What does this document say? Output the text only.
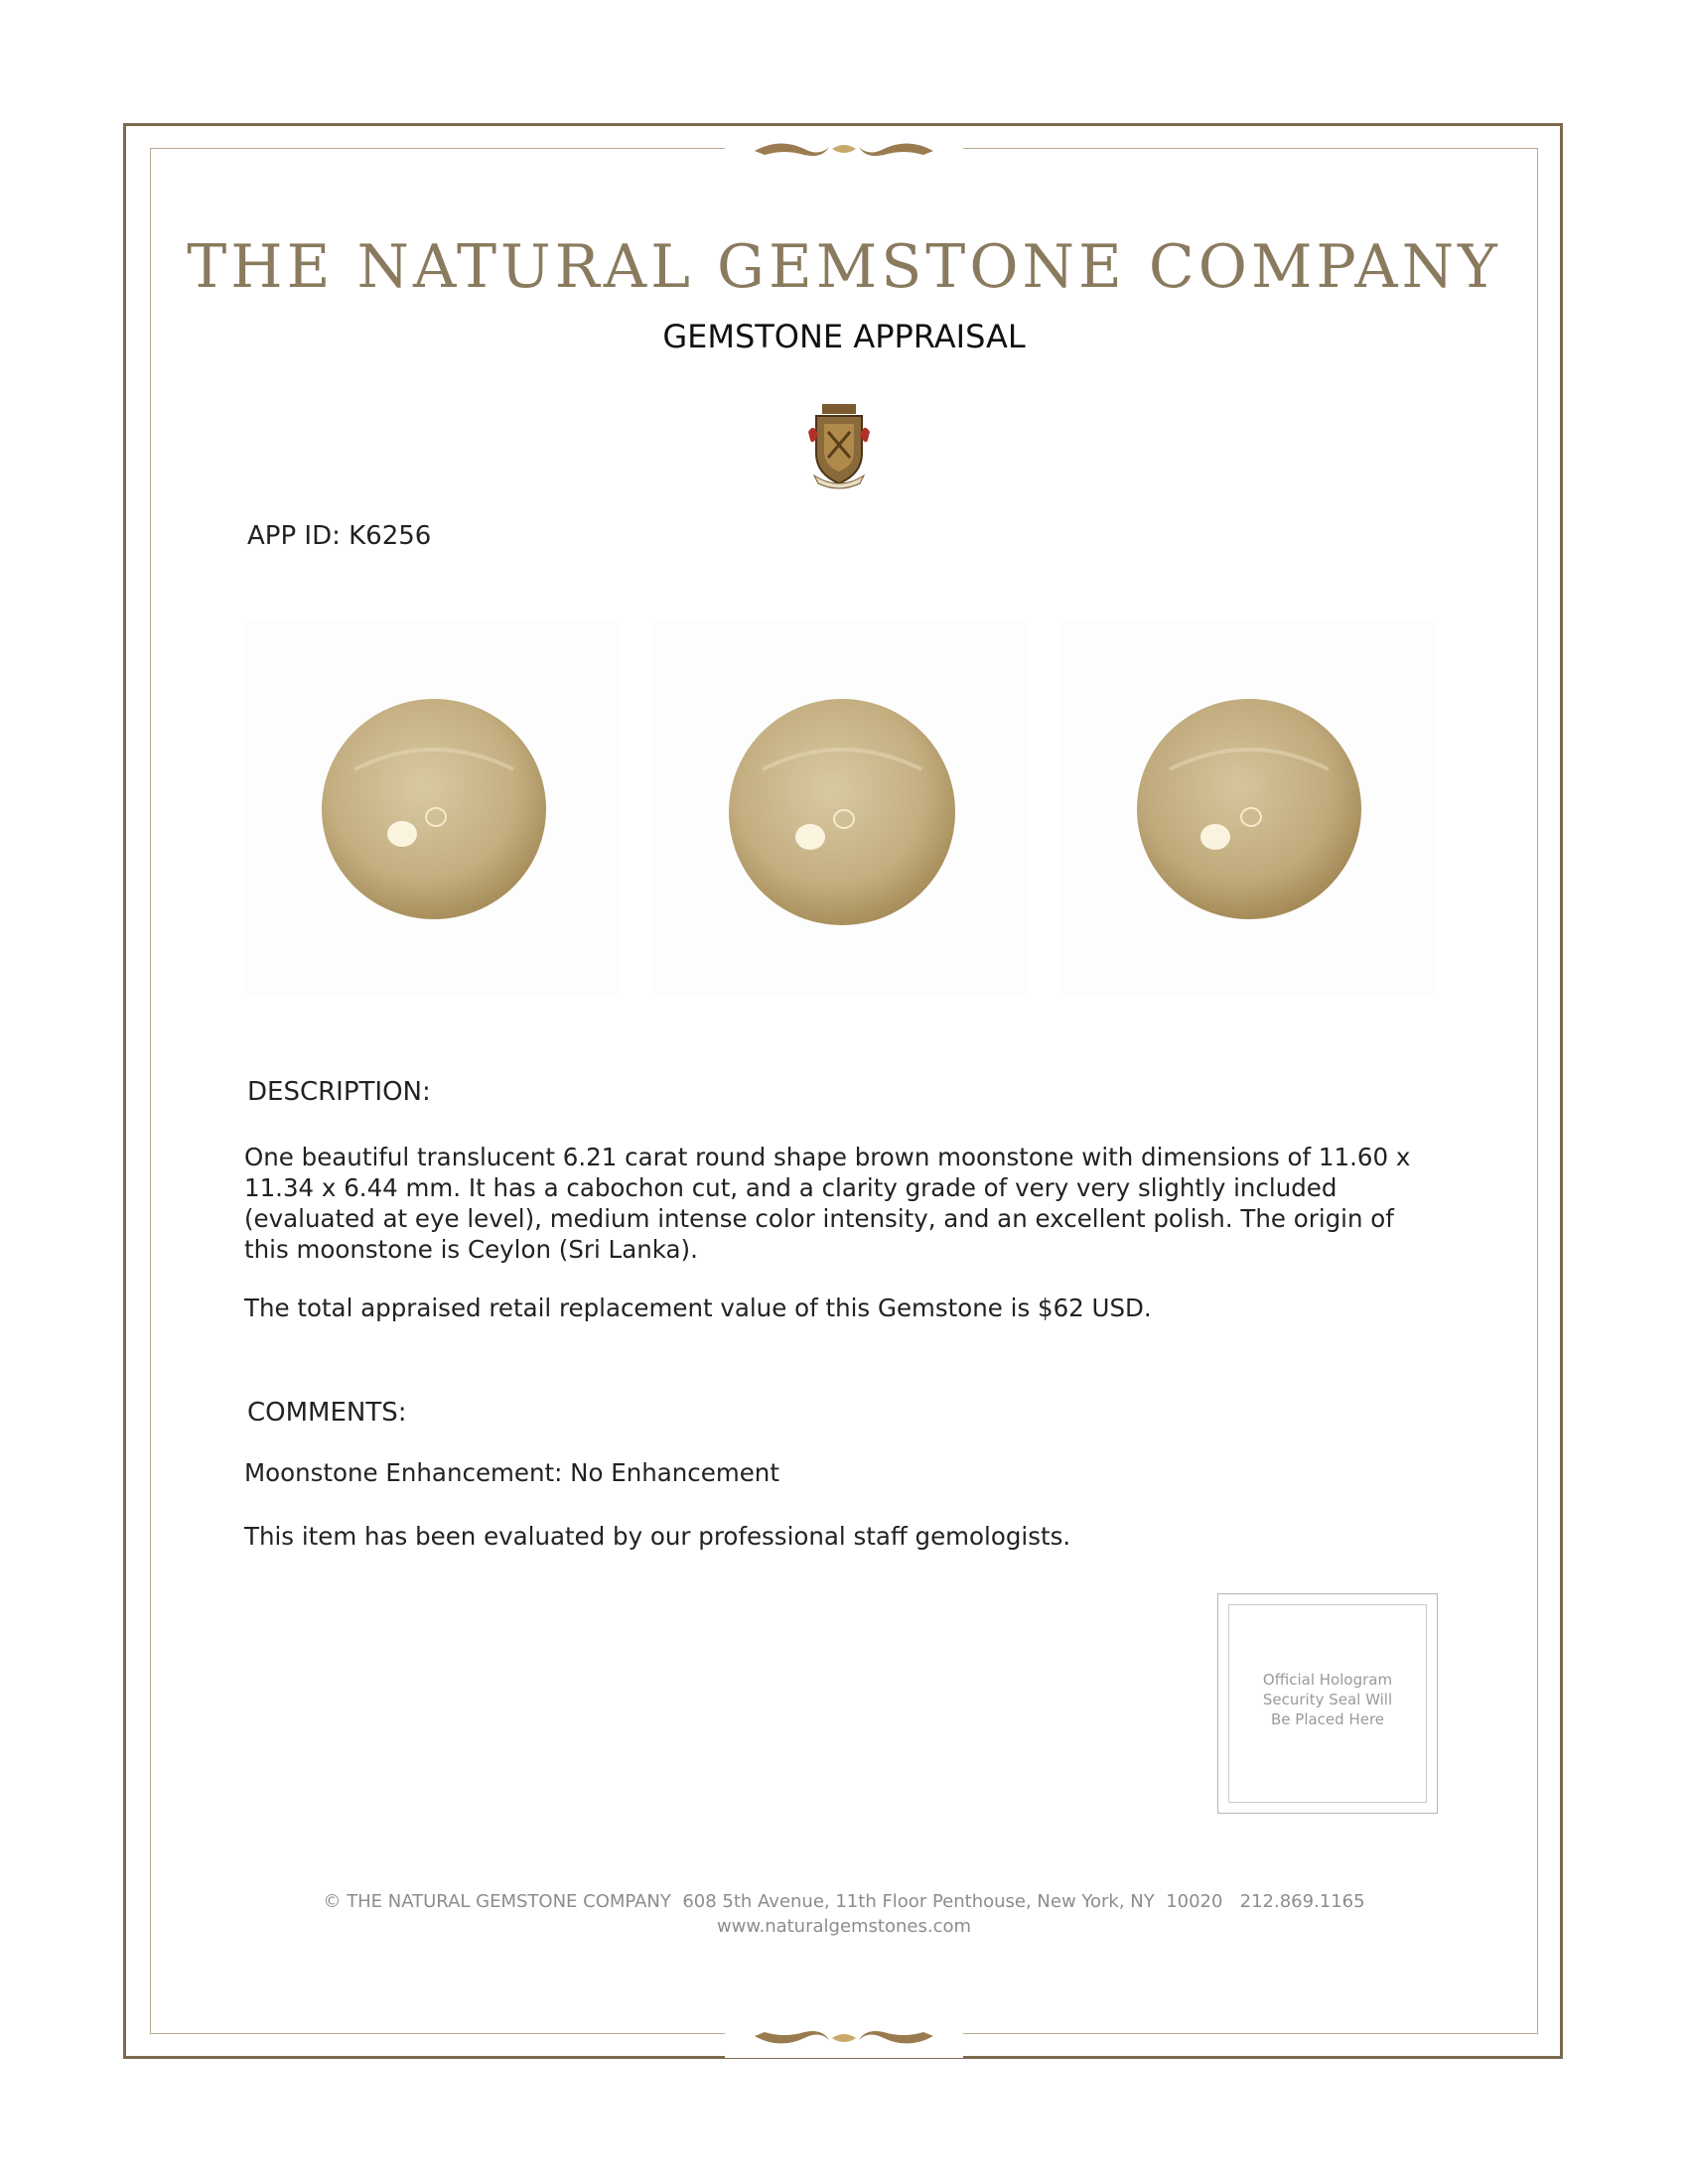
THE NATURAL GEMSTONE COMPANY
GEMSTONE APPRAISAL
APP ID: K6256
DESCRIPTION:
One beautiful translucent 6.21 carat round shape brown moonstone with dimensions of 11.60 x 11.34 x 6.44 mm. It has a cabochon cut, and a clarity grade of very very slightly included (evaluated at eye level), medium intense color intensity, and an excellent polish. The origin of this moonstone is Ceylon (Sri Lanka).
The total appraised retail replacement value of this Gemstone is $62 USD.
COMMENTS:
Moonstone Enhancement: No Enhancement
This item has been evaluated by our professional staff gemologists.
Official Hologram
Security Seal Will
Be Placed Here
© THE NATURAL GEMSTONE COMPANY  608 5th Avenue, 11th Floor Penthouse, New York, NY  10020   212.869.1165
www.naturalgemstones.com
